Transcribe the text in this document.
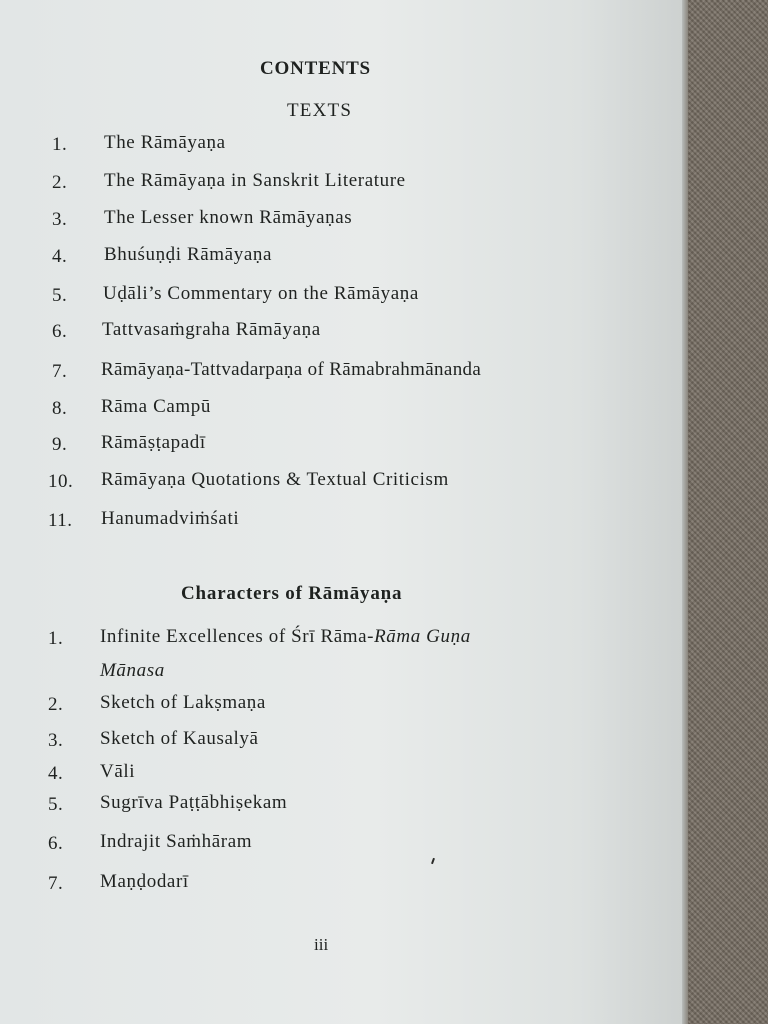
CONTENTS
TEXTS
1. The Rāmāyaṇa
2. The Rāmāyaṇa in Sanskrit Literature
3. The Lesser known Rāmāyaṇas
4. Bhuśuṇḍi Rāmāyaṇa
5. Uḍāli’s Commentary on the Rāmāyaṇa
6. Tattvasaṁgraha Rāmāyaṇa
7. Rāmāyaṇa-Tattvadarpaṇa of Rāmabrahmānanda
8. Rāma Campū
9. Rāmāṣṭapadī
10. Rāmāyaṇa Quotations & Textual Criticism
11. Hanumadviṁśati
Characters of Rāmāyaṇa
1. Infinite Excellences of Śrī Rāma-Rāma Guṇa
Mānasa
2. Sketch of Lakṣmaṇa
3. Sketch of Kausalyā
4. Vāli
5. Sugrīva Paṭṭābhiṣekam
6. Indrajit Saṁhāram
7. Maṇḍodarī
iii
